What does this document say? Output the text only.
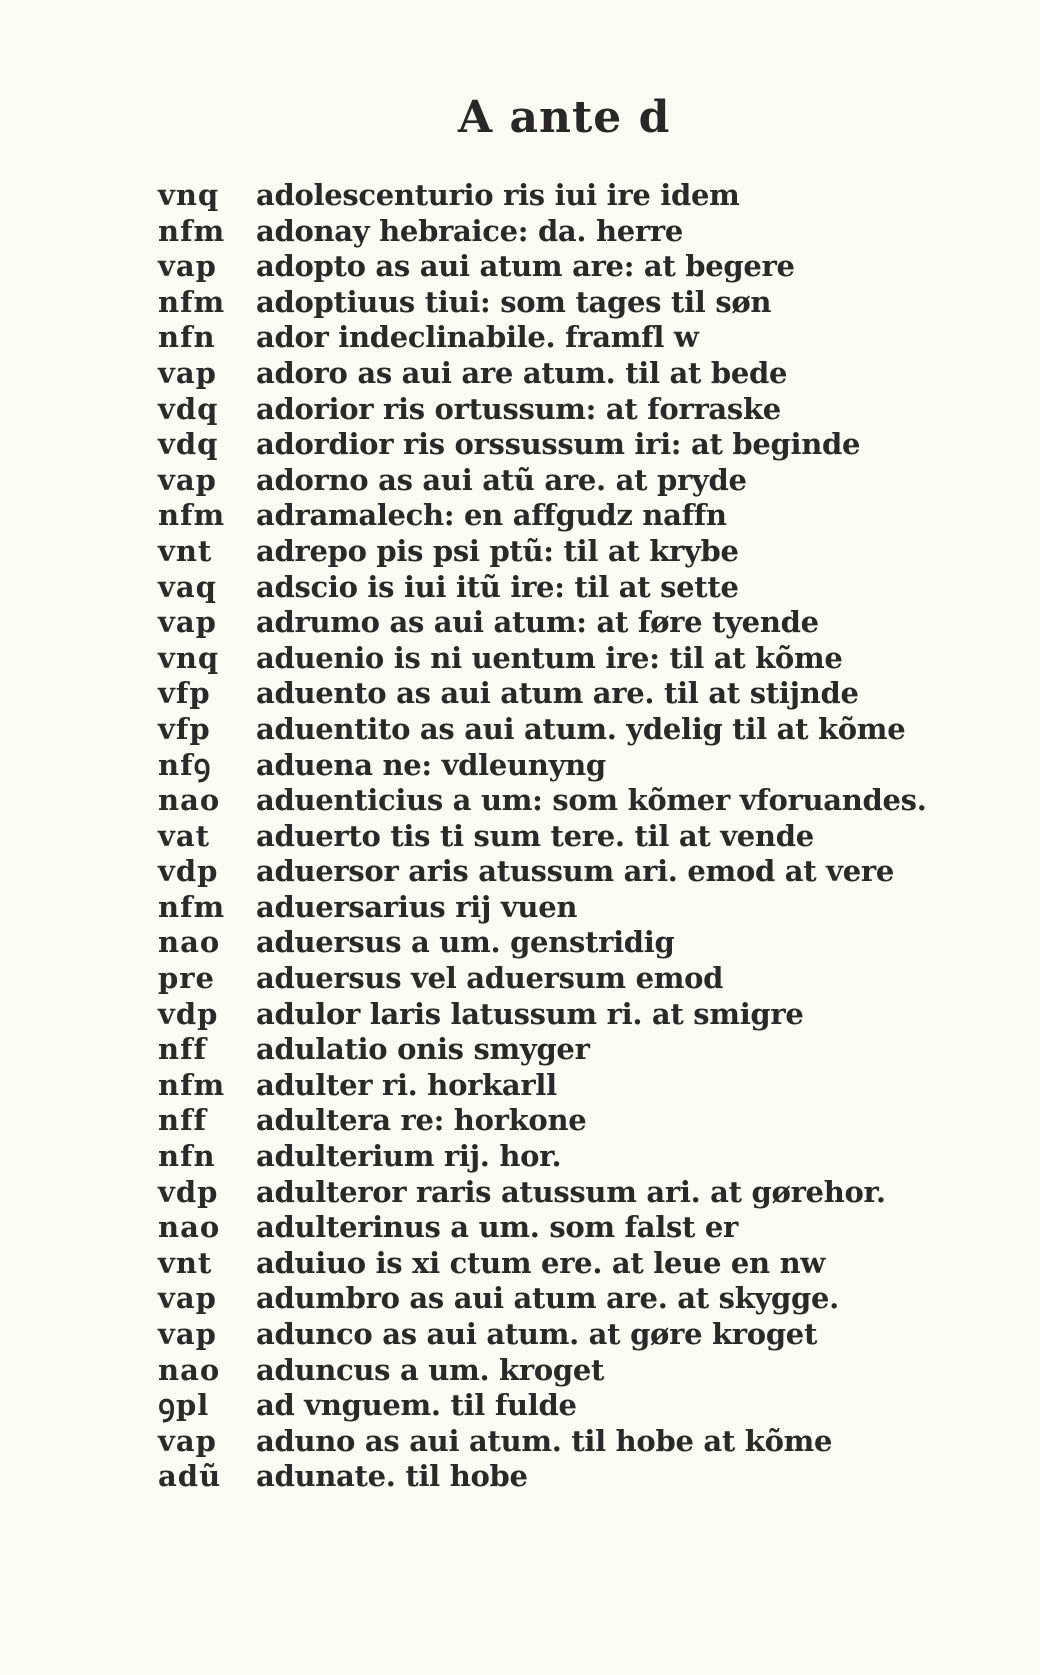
A ante d
vnq	adolescenturio ris iui ire idem
nfm	adonay hebraice: da. herre
vap	adopto as aui atum are: at begere
nfm	adoptiuus tiui: som tages til søn
nfn	ador indeclinabile. framfl w
vap	adoro as aui are atum. til at bede
vdq	adorior ris ortussum: at forraske
vdq	adordior ris orssussum iri: at beginde
vap	adorno as aui atũ are. at pryde
nfm	adramalech: en affgudz naffn
vnt	adrepo pis psi ptũ: til at krybe
vaq	adscio is iui itũ ire: til at sette
vap	adrumo as aui atum: at føre tyende
vnq	aduenio is ni uentum ire: til at kõme
vfp	aduento as aui atum are. til at stijnde
vfp	aduentito as aui atum. ydelig til at kõme
nfꝯ	aduena ne: vdleunyng
nao	aduenticius a um: som kõmer vforuandes.
vat	aduerto tis ti sum tere. til at vende
vdp	aduersor aris atussum ari. emod at vere
nfm	aduersarius rij vuen
nao	aduersus a um. genstridig
pre	aduersus vel aduersum emod
vdp	adulor laris latussum ri. at smigre
nff	adulatio onis smyger
nfm	adulter ri. horkarll
nff	adultera re: horkone
nfn	adulterium rij. hor.
vdp	adulteror raris atussum ari. at gørehor.
nao	adulterinus a um. som falst er
vnt	aduiuo is xi ctum ere. at leue en nw
vap	adumbro as aui atum are. at skygge.
vap	adunco as aui atum. at gøre kroget
nao	aduncus a um. kroget
ꝯpl	ad vnguem. til fulde
vap	aduno as aui atum. til hobe at kõme
adũ	adunate. til hobe
